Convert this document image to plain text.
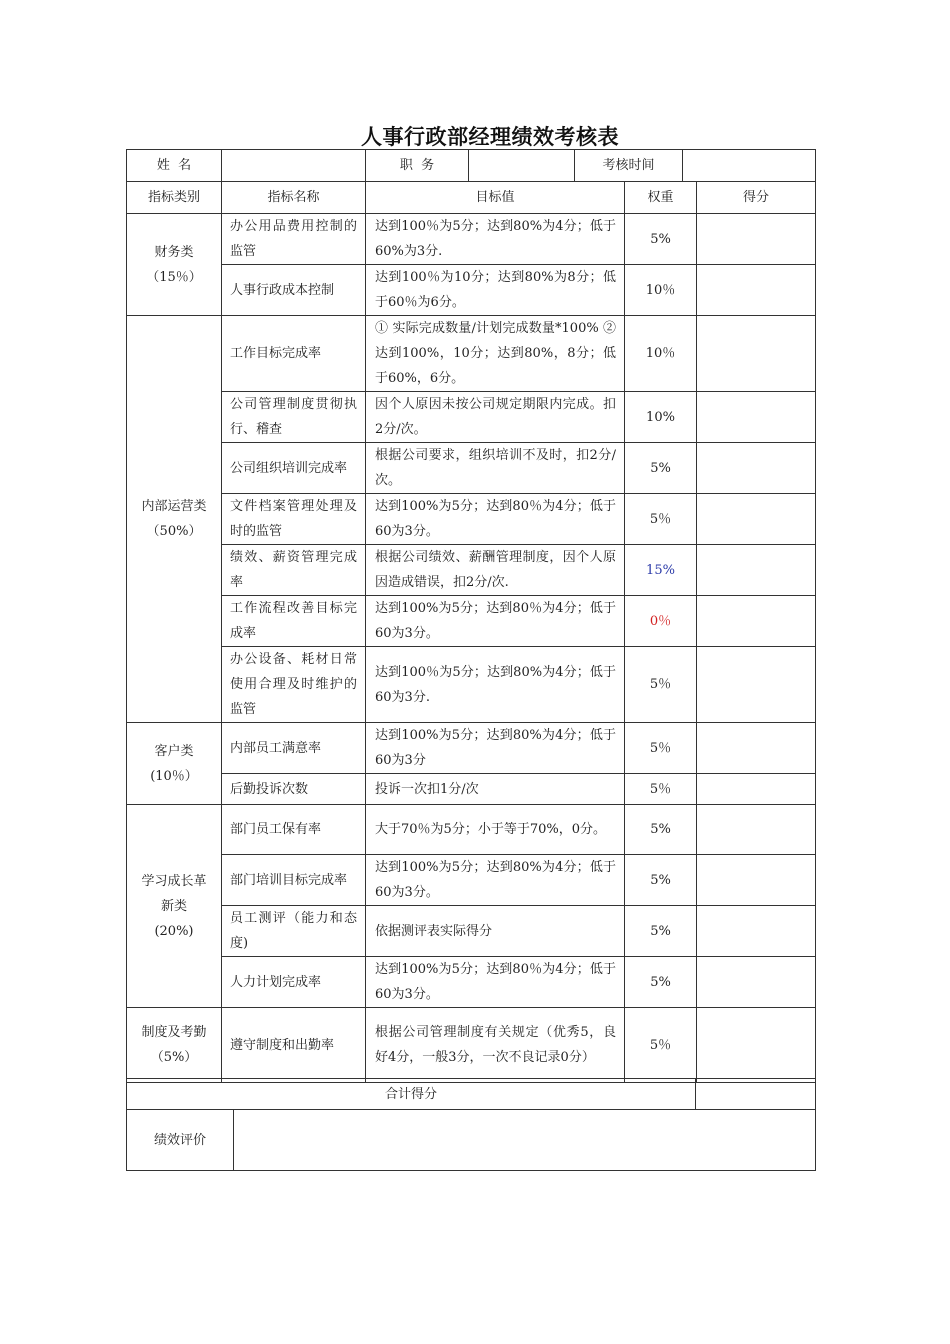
人事行政部经理绩效考核表
姓  名		职  务		考核时间	
指标类别	指标名称	目标值	权重	得分

财务类
（15％）	办公用品费用控制的监管	达到100％为5分；达到80%为4分；低于60%为3分.	5%	
	人事行政成本控制	达到100％为10分；达到80%为8分；低于60％为6分。	10％	

内部运营类
（50%）	工作目标完成率	① 实际完成数量/计划完成数量*100% ② 达到100%，10分；达到80%，8分；低于60%，6分。	10％	
	公司管理制度贯彻执行、稽查	因个人原因未按公司规定期限内完成。扣2分/次。	10%	
	公司组织培训完成率	根据公司要求，组织培训不及时，扣2分/次。	5%	
	文件档案管理处理及时的监管	达到100%为5分；达到80％为4分；低于60为3分。	5％	
	绩效、薪资管理完成率	根据公司绩效、薪酬管理制度，因个人原因造成错误，扣2分/次.	15%	
	工作流程改善目标完成率	达到100%为5分；达到80％为4分；低于60为3分。	0％	
	办公设备、耗材日常使用合理及时维护的监管	达到100％为5分；达到80%为4分；低于60为3分.	5％	

客户类
(10％）	内部员工满意率	达到100%为5分；达到80%为4分；低于60为3分	5％	
	后勤投诉次数	投诉一次扣1分/次	5％	

学习成长革
新类
(20%)	部门员工保有率	大于70％为5分；小于等于70%，0分。	5%	
	部门培训目标完成率	达到100%为5分；达到80%为4分；低于60为3分。	5%	
	员工测评（能力和态度)	依据测评表实际得分	5%	
	人力计划完成率	达到100%为5分；达到80％为4分；低于60为3分。	5%	

制度及考勤
（5%）	遵守制度和出勤率	根据公司管理制度有关规定（优秀5，良好4分，一般3分，一次不良记录0分）	5％	
合计得分		
绩效评价		
